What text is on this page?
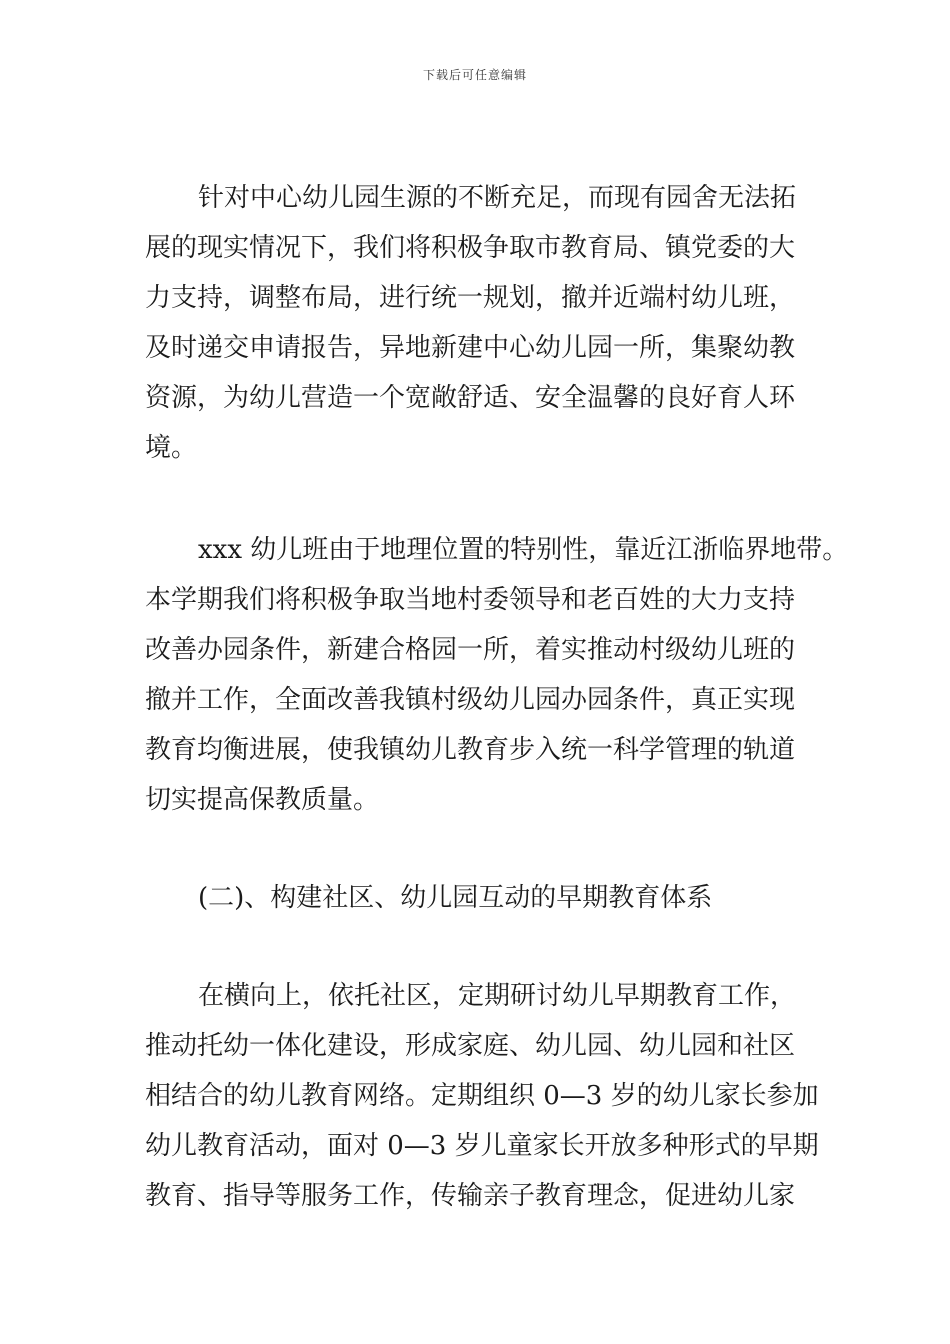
下载后可任意编辑
针对中心幼儿园生源的不断充足，而现有园舍无法拓
展的现实情况下，我们将积极争取市教育局、镇党委的大
力支持，调整布局，进行统一规划，撤并近端村幼儿班，
及时递交申请报告，异地新建中心幼儿园一所，集聚幼教
资源，为幼儿营造一个宽敞舒适、安全温馨的良好育人环
境。
xxx 幼儿班由于地理位置的特别性，靠近江浙临界地带。
本学期我们将积极争取当地村委领导和老百姓的大力支持
改善办园条件，新建合格园一所，着实推动村级幼儿班的
撤并工作，全面改善我镇村级幼儿园办园条件，真正实现
教育均衡进展，使我镇幼儿教育步入统一科学管理的轨道
切实提高保教质量。
(二)、构建社区、幼儿园互动的早期教育体系
在横向上，依托社区，定期研讨幼儿早期教育工作，
推动托幼一体化建设，形成家庭、幼儿园、幼儿园和社区
相结合的幼儿教育网络。定期组织 0—3 岁的幼儿家长参加
幼儿教育活动，面对 0—3 岁儿童家长开放多种形式的早期
教育、指导等服务工作，传输亲子教育理念，促进幼儿家
